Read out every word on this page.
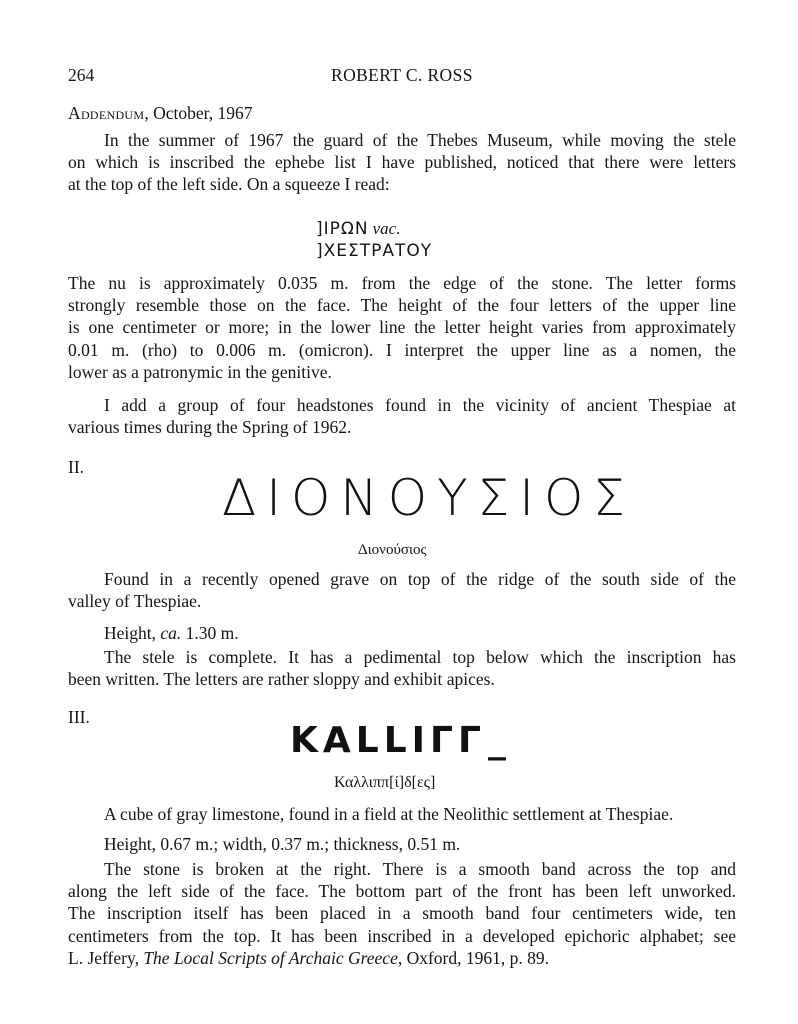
264	ROBERT C. ROSS
Addendum, October, 1967
In the summer of 1967 the guard of the Thebes Museum, while moving the stele
on which is inscribed the ephebe list I have published, noticed that there were letters
at the top of the left side. On a squeeze I read:
]ΙΡΩΝ vac.
]ΧΕΣΤΡΑΤΟΥ
The nu is approximately 0.035 m. from the edge of the stone. The letter forms
strongly resemble those on the face. The height of the four letters of the upper line
is one centimeter or more; in the lower line the letter height varies from approximately
0.01 m. (rho) to 0.006 m. (omicron). I interpret the upper line as a nomen, the
lower as a patronymic in the genitive.
I add a group of four headstones found in the vicinity of ancient Thespiae at
various times during the Spring of 1962.
II.
ΔΙΟΝΟΥΣΙΟΣ
Διονούσιος
Found in a recently opened grave on top of the ridge of the south side of the
valley of Thespiae.
Height, ca. 1.30 m.
The stele is complete. It has a pedimental top below which the inscription has
been written. The letters are rather sloppy and exhibit apices.
III.
ΚΑLLΙΓΓ _
Καλλιππ[ί]δ[ες]
A cube of gray limestone, found in a field at the Neolithic settlement at Thespiae.
Height, 0.67 m.; width, 0.37 m.; thickness, 0.51 m.
The stone is broken at the right. There is a smooth band across the top and
along the left side of the face. The bottom part of the front has been left unworked.
The inscription itself has been placed in a smooth band four centimeters wide, ten
centimeters from the top. It has been inscribed in a developed epichoric alphabet; see
L. Jeffery, The Local Scripts of Archaic Greece, Oxford, 1961, p. 89.
